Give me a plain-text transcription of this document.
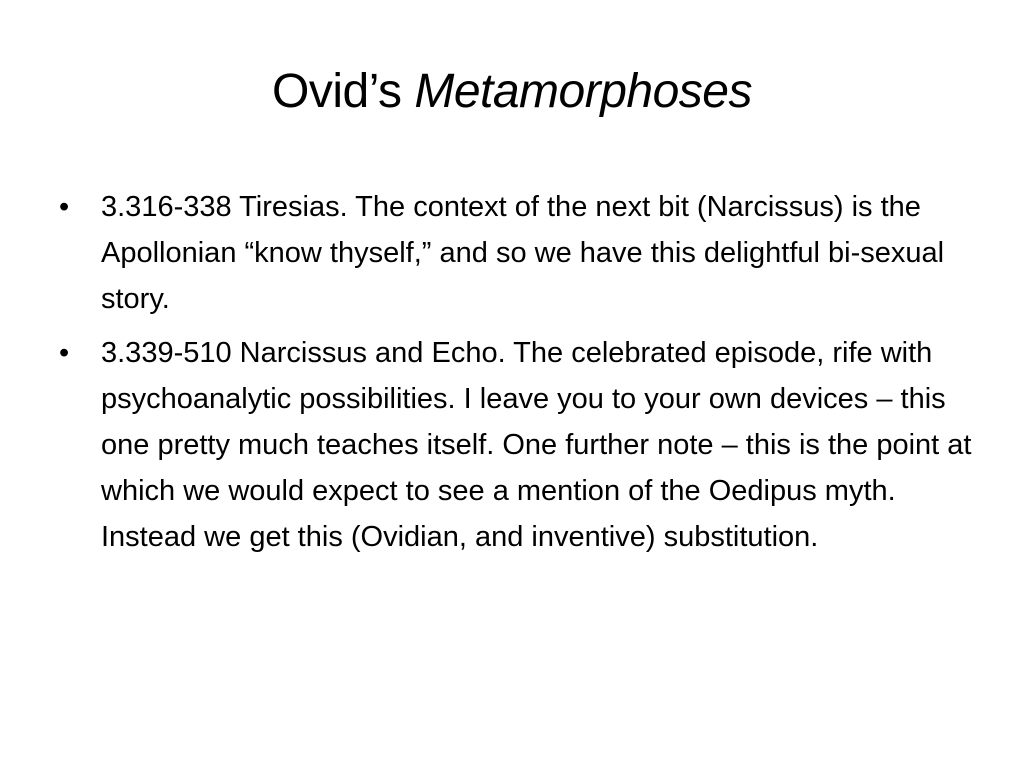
Ovid’s Metamorphoses
• 3.316-338 Tiresias. The context of the next bit (Narcissus) is the Apollonian “know thyself,” and so we have this delightful bi-sexual story.
• 3.339-510 Narcissus and Echo. The celebrated episode, rife with psychoanalytic possibilities. I leave you to your own devices – this one pretty much teaches itself. One further note – this is the point at which we would expect to see a mention of the Oedipus myth. Instead we get this (Ovidian, and inventive) substitution.
